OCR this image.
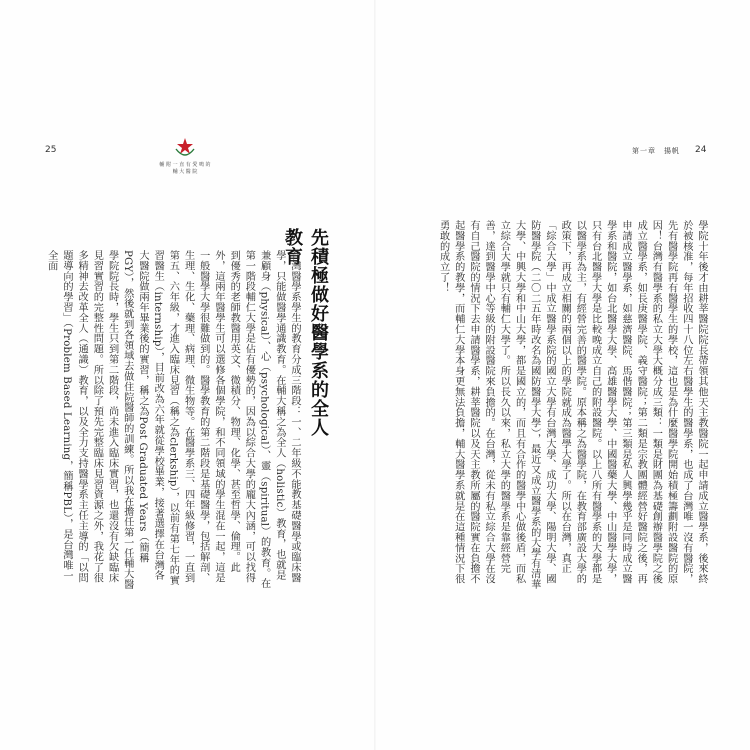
25
輔 附 一 直 有 愛 鳴 的
輔 大 醫 院
第一章　揚帆 24
學院十年後才由耕莘醫院院長帶領其他天主教醫院一起申請成立醫學系，後來終於被核准，每年招收四十八位左右醫學生的醫學系，也成了台灣唯一沒有醫院，先有醫學院再有醫學生的學校，這也是為什麼醫學院開始積極籌劃附設醫院的原因！台灣有醫學系的私立大學大概分成三類：一類是財團為基礎創辦醫學院之後成立醫學系，如長庚醫學院、義守醫院；第二類是宗教團體經營好醫院之後，再申請成立醫學系，如慈濟醫院、馬偕醫院；第三類是私人興學幾乎是同時成立醫學系和醫院，如台北醫學大學、高雄醫學大學、中國醫藥大學、中山醫學大學，只有台北醫學大學是比較晚成立自己的附設醫院。以上八所有醫學系的大學都是以醫學系為主，有經營完善的醫學院。原本稱之為醫學院，在教育部廣設大學的政策下，再成立相關的兩個以上的學院就成為醫學大學了。所以在台灣，真正「綜合大學」中成立醫學系院的國立大學有台灣大學、成功大學、陽明大學、國防醫學院（二〇二五年時改名為國防醫學大學），最近又成立醫學系的大學有清華大學、中興大學和中山大學，都是國立的，而且有合作的醫學中心做後盾，而私立綜合大學就只有輔仁大學了。所以長久以來，私立大學的醫學系是靠經營完善，達到醫學中心等級的附設醫院來負擔的。在台灣，從未有私立綜合大學在沒有自己醫院的情況下去申請醫學系，耕莘醫院以及天主教所屬的醫院實在負擔不起醫學系的教學，而輔仁大學本身更無法負擔，輔大醫學系就是在這種情況下很勇敢的成立了！
先積極做好醫學系的全人教育
台灣醫學系學生的教育分成三階段：一、二年級不能教基礎醫學或臨床醫學，只能做醫學通識教育。在輔大稱之為全人（holistic）教育，也就是兼顧身（physical）、心（psychological）、靈（spiritual）的教育。在第一階段輔仁大學是佔有優勢的，因為以綜合大學的龐大內涵，可以找得到優秀的老師教醫用英文、微積分、物理、化學、甚至哲學、倫理。此外，這兩年醫學生可以選修各個學院，和不同領域的學生混在一起，這是一般醫學大學很難做到的。醫學教育的第二階段是基礎醫學，包括解剖、生理、生化、藥理、病理、微生物等。在醫學系三、四年級修習，一直到第五、六年級，才進入臨床見習（稱之為clerkship），以前有第七年的實習醫生（internship），目前改為六年就從學校畢業，接著選擇在台灣各大醫院做兩年畢業後的實習，稱之為Post Graduated Years（簡稱PGY），然後就到各領域去做住院醫師的訓練。所以我在擔任第一任輔大醫學院院長時，學生只到第二階段，尚未進入臨床實習，也還沒有欠缺臨床見習實習的完整性問題。所以除了預先完整臨床見習資源之外，我花了很多精神去改革全人（通識）教育，以及全力支持醫學系主任主導的「以問題導向的學習」（Problem Based Learning，簡稱PBL），是台灣唯一全面
